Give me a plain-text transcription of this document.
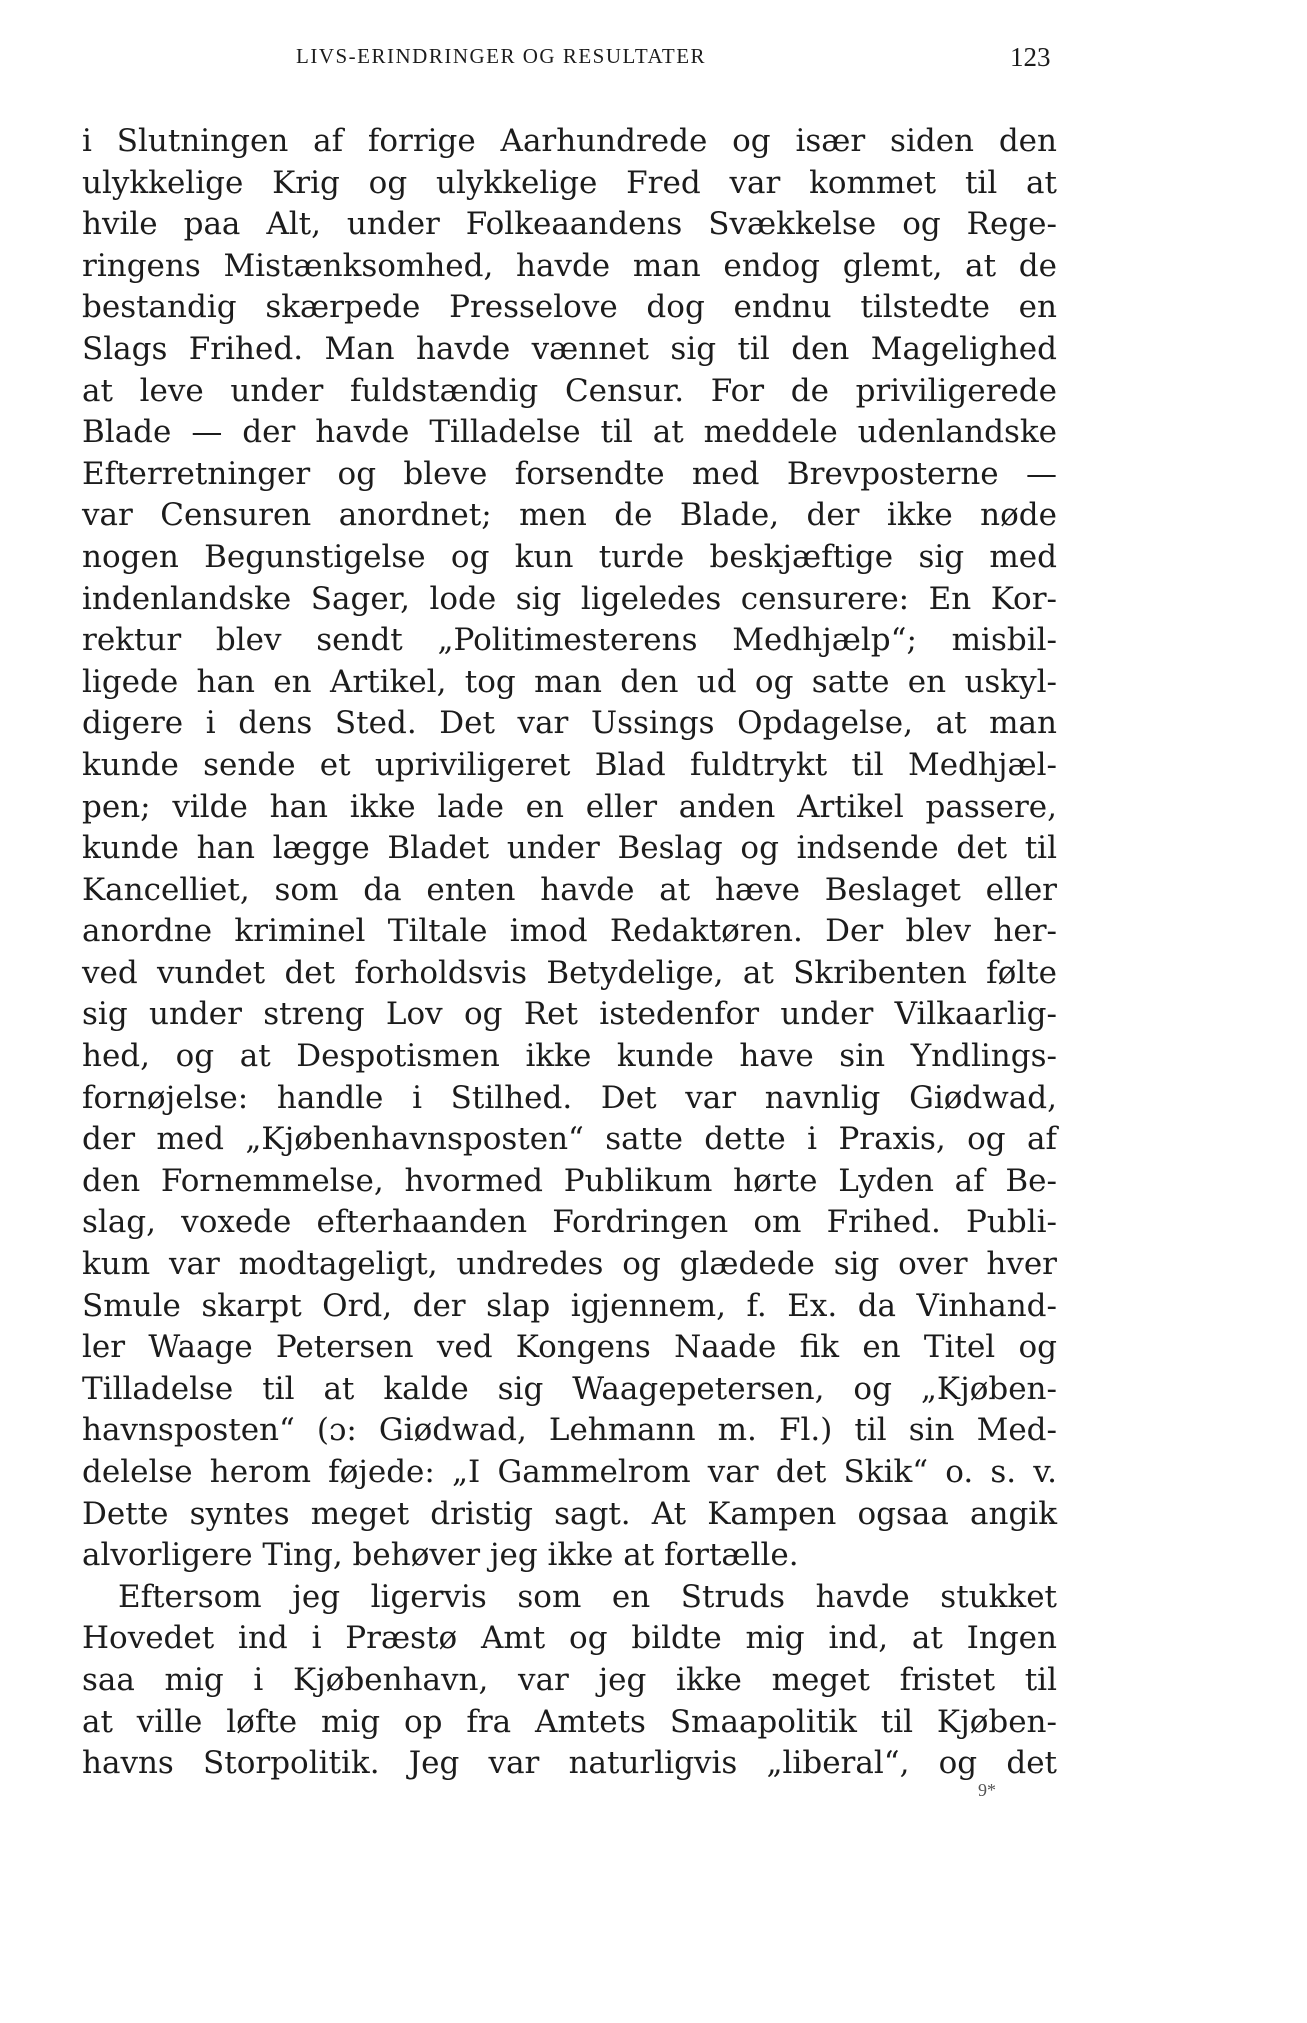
LIVS-ERINDRINGER OG RESULTATER	123
i Slutningen af forrige Aarhundrede og især siden den
ulykkelige Krig og ulykkelige Fred var kommet til at
hvile paa Alt, under Folkeaandens Svækkelse og Rege-
ringens Mistænksomhed, havde man endog glemt, at de
bestandig skærpede Presselove dog endnu tilstedte en
Slags Frihed. Man havde vænnet sig til den Magelighed
at leve under fuldstændig Censur. For de priviligerede
Blade — der havde Tilladelse til at meddele udenlandske
Efterretninger og bleve forsendte med Brevposterne —
var Censuren anordnet; men de Blade, der ikke nøde
nogen Begunstigelse og kun turde beskjæftige sig med
indenlandske Sager, lode sig ligeledes censurere: En Kor-
rektur blev sendt „Politimesterens Medhjælp“; misbil-
ligede han en Artikel, tog man den ud og satte en uskyl-
digere i dens Sted. Det var Ussings Opdagelse, at man
kunde sende et upriviligeret Blad fuldtrykt til Medhjæl-
pen; vilde han ikke lade en eller anden Artikel passere,
kunde han lægge Bladet under Beslag og indsende det til
Kancelliet, som da enten havde at hæve Beslaget eller
anordne kriminel Tiltale imod Redaktøren. Der blev her-
ved vundet det forholdsvis Betydelige, at Skribenten følte
sig under streng Lov og Ret istedenfor under Vilkaarlig-
hed, og at Despotismen ikke kunde have sin Yndlings-
fornøjelse: handle i Stilhed. Det var navnlig Giødwad,
der med „Kjøbenhavnsposten“ satte dette i Praxis, og af
den Fornemmelse, hvormed Publikum hørte Lyden af Be-
slag, voxede efterhaanden Fordringen om Frihed. Publi-
kum var modtageligt, undredes og glædede sig over hver
Smule skarpt Ord, der slap igjennem, f. Ex. da Vinhand-
ler Waage Petersen ved Kongens Naade fik en Titel og
Tilladelse til at kalde sig Waagepetersen, og „Kjøben-
havnsposten“ (ɔ: Giødwad, Lehmann m. Fl.) til sin Med-
delelse herom føjede: „I Gammelrom var det Skik“ o. s. v.
Dette syntes meget dristig sagt. At Kampen ogsaa angik
alvorligere Ting, behøver jeg ikke at fortælle.
Eftersom jeg ligervis som en Struds havde stukket
Hovedet ind i Præstø Amt og bildte mig ind, at Ingen
saa mig i Kjøbenhavn, var jeg ikke meget fristet til
at ville løfte mig op fra Amtets Smaapolitik til Kjøben-
havns Storpolitik. Jeg var naturligvis „liberal“, og det
9*
